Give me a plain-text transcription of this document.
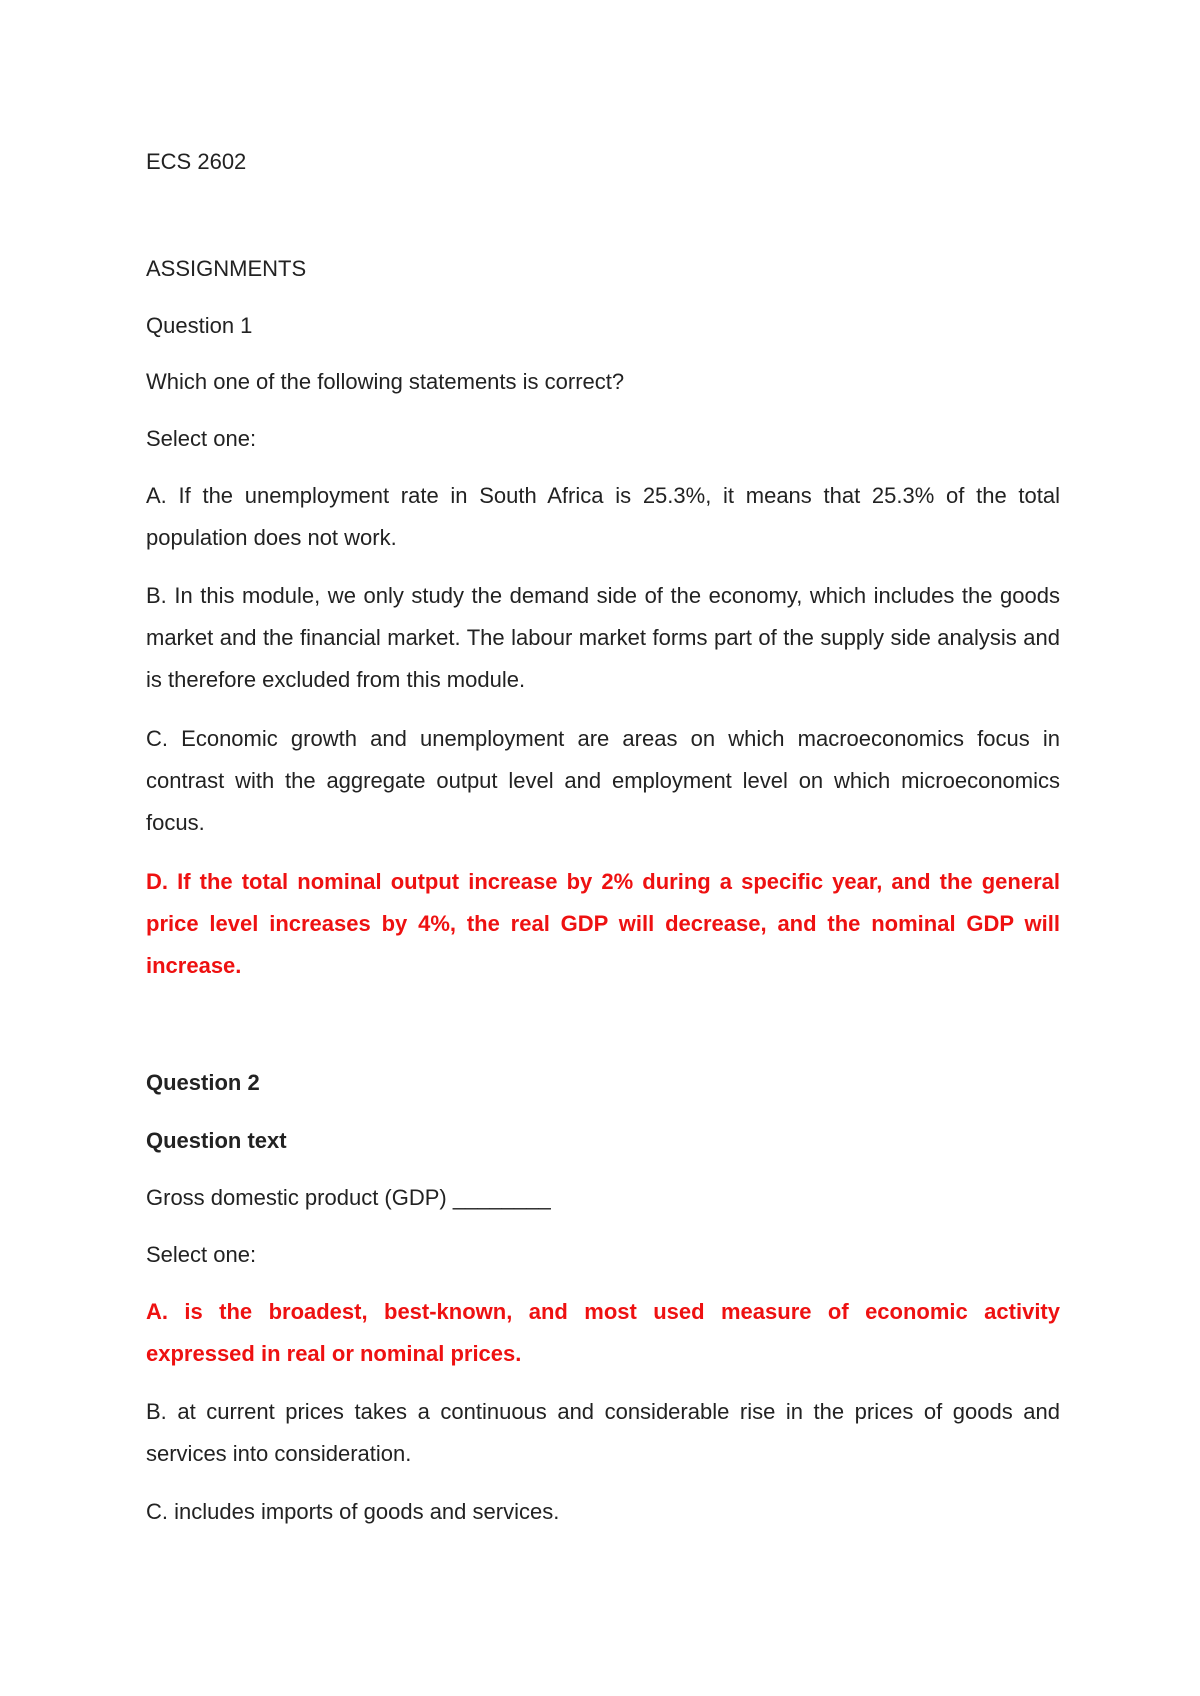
ECS 2602

ASSIGNMENTS

Question 1

Which one of the following statements is correct?

Select one:

A. If the unemployment rate in South Africa is 25.3%, it means that 25.3% of the total population does not work.

B. In this module, we only study the demand side of the economy, which includes the goods market and the financial market. The labour market forms part of the supply side analysis and is therefore excluded from this module.

C. Economic growth and unemployment are areas on which macroeconomics focus in contrast with the aggregate output level and employment level on which microeconomics focus.

D. If the total nominal output increase by 2% during a specific year, and the general price level increases by 4%, the real GDP will decrease, and the nominal GDP will increase.

Question 2

Question text

Gross domestic product (GDP) ________

Select one:

A. is the broadest, best-known, and most used measure of economic activity expressed in real or nominal prices.

B. at current prices takes a continuous and considerable rise in the prices of goods and services into consideration.

C. includes imports of goods and services.
